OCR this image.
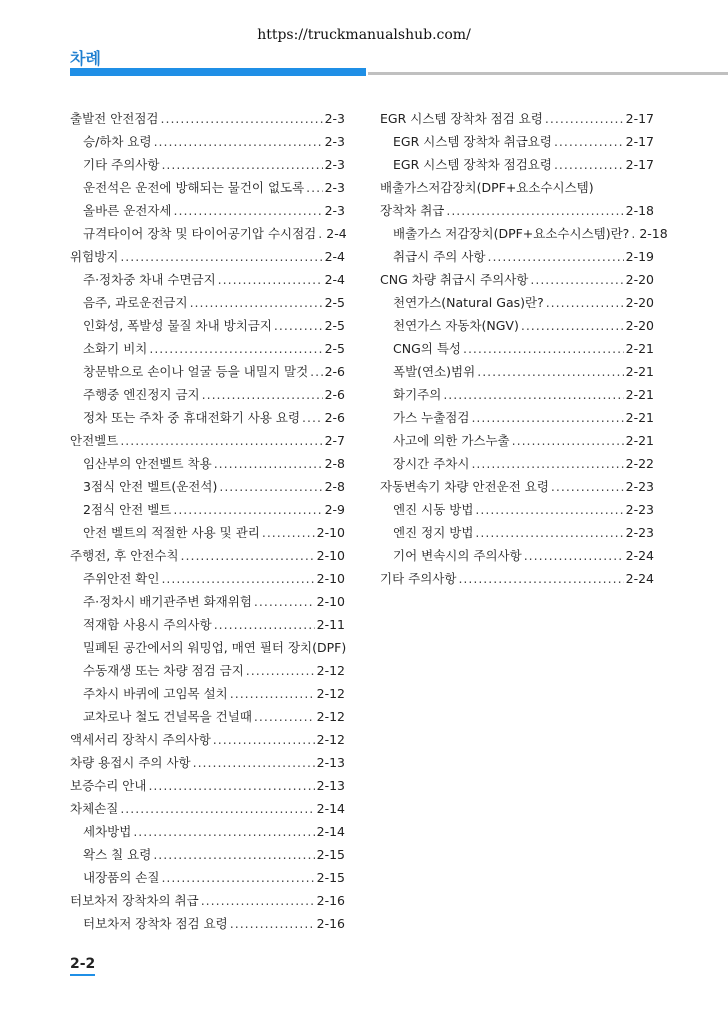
https://truckmanualshub.com/
차례
출발전 안전점검 .....	2-3
승/하차 요령 .....	2-3
기타 주의사항 .....	2-3
운전석은 운전에 방해되는 물건이 없도록 ..... 2-3
올바른 운전자세 .....	2-3
규격타이어 장착 및 타이어공기압 수시점검 ..... 2-4
위험방지 .....	2-4
주·정차중 차내 수면금지 .....	2-4
음주, 과로운전금지 .....	2-5
인화성, 폭발성 물질 차내 방치금지 .....	2-5
소화기 비치 .....	2-5
창문밖으로 손이나 얼굴 등을 내밀지 말것 ..... 2-6
주행중 엔진정지 금지 .....	2-6
정차 또는 주차 중 휴대전화기 사용 요령 ..... 2-6
안전벨트 .....	2-7
임산부의 안전벨트 착용 .....	2-8
3점식 안전 벨트(운전석) .....	2-8
2점식 안전 벨트 .....	2-9
안전 벨트의 적절한 사용 및 관리 .....	2-10
주행전, 후 안전수칙 .....	2-10
주위안전 확인 .....	2-10
주·정차시 배기관주변 화재위험 .....	2-10
적재함 사용시 주의사항 .....	2-11
밀폐된 공간에서의 워밍업, 매연 필터 장치(DPF)
수동재생 또는 차량 점검 금지 .....	2-12
주차시 바퀴에 고임목 설치 .....	2-12
교차로나 철도 건널목을 건널때 .....	2-12
액세서리 장착시 주의사항 .....	2-12
차량 용접시 주의 사항 .....	2-13
보증수리 안내 .....	2-13
차체손질 .....	2-14
세차방법 .....	2-14
왁스 칠 요령 .....	2-15
내장품의 손질 .....	2-15
터보차저 장착차의 취급 .....	2-16
터보차저 장착차 점검 요령 .....	2-16
EGR 시스템 장착차 점검 요령 .....	2-17
EGR 시스템 장착차 취급요령 .....	2-17
EGR 시스템 장착차 점검요령 .....	2-17
배출가스저감장치(DPF+요소수시스템)
장착차 취급 .....	2-18
배출가스 저감장치(DPF+요소수시스템)란? ..... 2-18
취급시 주의 사항 .....	2-19
CNG 차량 취급시 주의사항 .....	2-20
천연가스(Natural Gas)란? .....	2-20
천연가스 자동차(NGV) .....	2-20
CNG의 특성 .....	2-21
폭발(연소)범위 .....	2-21
화기주의 .....	2-21
가스 누출점검 .....	2-21
사고에 의한 가스누출 .....	2-21
장시간 주차시 .....	2-22
자동변속기 차량 안전운전 요령 .....	2-23
엔진 시동 방법 .....	2-23
엔진 정지 방법 .....	2-23
기어 변속시의 주의사항 .....	2-24
기타 주의사항 .....	2-24
2-2
